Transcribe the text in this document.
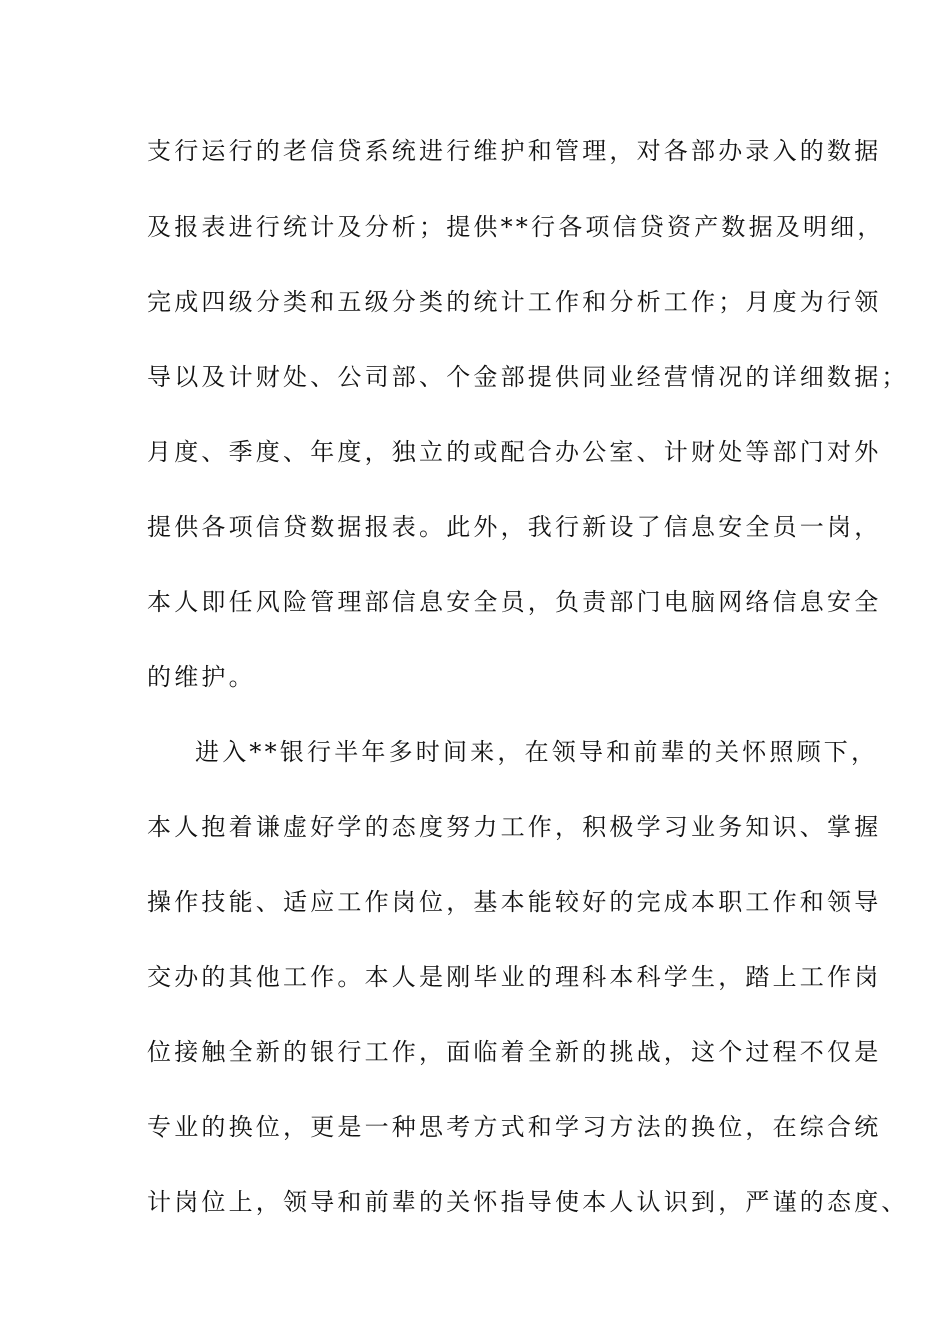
支行运行的老信贷系统进行维护和管理，对各部办录入的数据
及报表进行统计及分析；提供**行各项信贷资产数据及明细，
完成四级分类和五级分类的统计工作和分析工作；月度为行领
导以及计财处、公司部、个金部提供同业经营情况的详细数据；
月度、季度、年度，独立的或配合办公室、计财处等部门对外
提供各项信贷数据报表。此外，我行新设了信息安全员一岗，
本人即任风险管理部信息安全员，负责部门电脑网络信息安全
的维护。
进入**银行半年多时间来，在领导和前辈的关怀照顾下，
本人抱着谦虚好学的态度努力工作，积极学习业务知识、掌握
操作技能、适应工作岗位，基本能较好的完成本职工作和领导
交办的其他工作。本人是刚毕业的理科本科学生，踏上工作岗
位接触全新的银行工作，面临着全新的挑战，这个过程不仅是
专业的换位，更是一种思考方式和学习方法的换位，在综合统
计岗位上，领导和前辈的关怀指导使本人认识到，严谨的态度、
